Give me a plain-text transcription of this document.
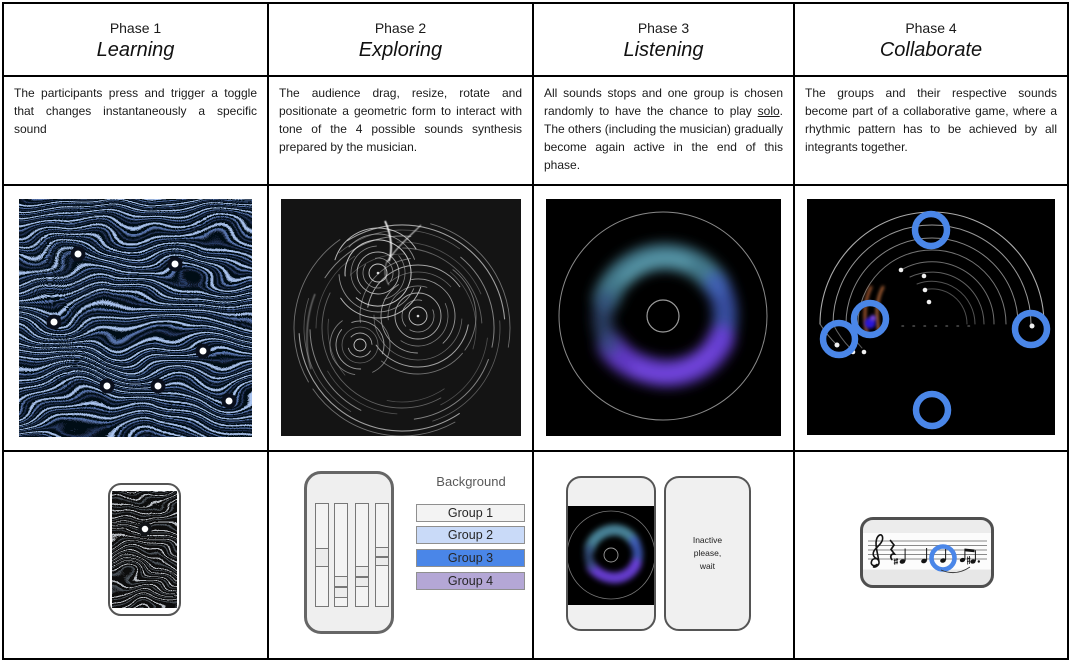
Phase 1
Learning
Phase 2
Exploring
Phase 3
Listening
Phase 4
Collaborate
The participants press and trigger a toggle that changes instantaneously a specific sound
The audience drag, resize, rotate and positionate a geometric form to interact with tone of the 4 possible sounds synthesis prepared by the musician.
All sounds stops and one group is chosen randomly to have the chance to play solo. The others (including the musician) gradually become again active in the end of this phase.
The groups and their respective sounds become part of a collaborative game, where a rhythmic pattern has to be achieved by all integrants together.
Background
Group 1
Group 2
Group 3
Group 4
Inactive
please,
wait
